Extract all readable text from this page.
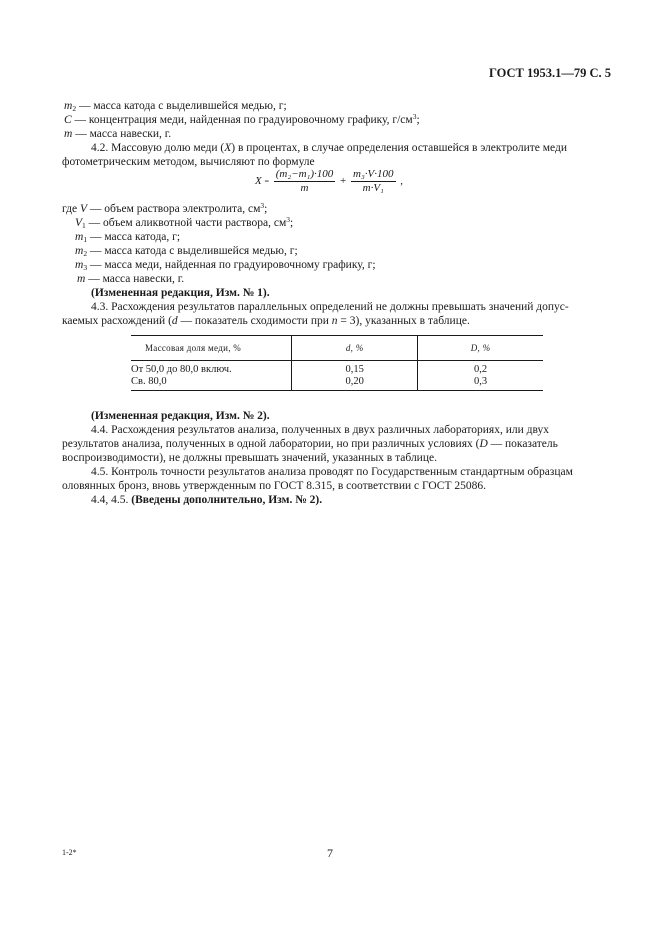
ГОСТ 1953.1—79 С. 5
$m_2$ — масса катода с выделившейся медью, г;
C — концентрация меди, найденная по градуировочному графику, $г/см^3$;
m — масса навески, г.
4.2. Массовую долю меди (X) в процентах, в случае определения оставшейся в электролите меди
фотометрическим методом, вычисляют по формуле
$X = \frac{\text{(m₂−m₁)·100}}{m} + \frac{\text{m₃·V·100}}{\text{m·V₁}}$ ,
где V — объем раствора электролита, $см^3$;
$V_1$ — объем аликвотной части раствора, $см^3$;
$m_1$ — масса катода, г;
$m_2$ — масса катода с выделившейся медью, г;
$m_3$ — масса меди, найденная по градуировочному графику, г;
m — масса навески, г.
(Измененная редакция, Изм. № 1).
4.3. Расхождения результатов параллельных определений не должны превышать значений допус-
каемых расхождений (d — показатель сходимости при n = 3), указанных в таблице.
Массовая доля меди, %	d, %	D, %
От 50,0 до 80,0 включ.	0,15	0,2
Св. 80,0	0,20	0,3
(Измененная редакция, Изм. № 2).
4.4. Расхождения результатов анализа, полученных в двух различных лабораториях, или двух
результатов анализа, полученных в одной лаборатории, но при различных условиях (D — показатель
воспроизводимости), не должны превышать значений, указанных в таблице.
4.5. Контроль точности результатов анализа проводят по Государственным стандартным образцам
оловянных бронз, вновь утвержденным по ГОСТ 8.315, в соответствии с ГОСТ 25086.
4.4, 4.5. (Введены дополнительно, Изм. № 2).
1-2*	7
